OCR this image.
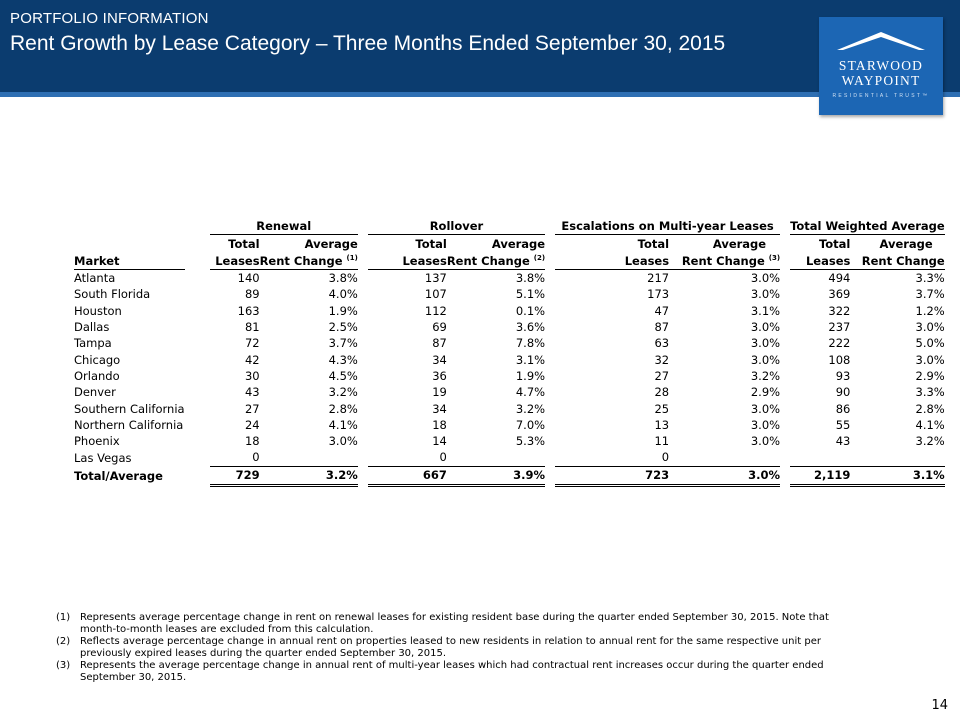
PORTFOLIO INFORMATION
Rent Growth by Lease Category – Three Months Ended September 30, 2015
STARWOOD
WAYPOINT
RESIDENTIAL TRUST™
		Renewal			Rollover			Escalations on Multi-year Leases			Total Weighted Average	
		Total	Average		Total	Average		Total	Average		Total	Average
Market		Leases	Rent Change $^{(1)}$		Leases	Rent Change $^{(2)}$		Leases	Rent Change $^{(3)}$		Leases	Rent Change
Atlanta		140	3.8%		137	3.8%		217	3.0%		494	3.3%
South Florida		89	4.0%		107	5.1%		173	3.0%		369	3.7%
Houston		163	1.9%		112	0.1%		47	3.1%		322	1.2%
Dallas		81	2.5%		69	3.6%		87	3.0%		237	3.0%
Tampa		72	3.7%		87	7.8%		63	3.0%		222	5.0%
Chicago		42	4.3%		34	3.1%		32	3.0%		108	3.0%
Orlando		30	4.5%		36	1.9%		27	3.2%		93	2.9%
Denver		43	3.2%		19	4.7%		28	2.9%		90	3.3%
Southern California		27	2.8%		34	3.2%		25	3.0%		86	2.8%
Northern California		24	4.1%		18	7.0%		13	3.0%		55	4.1%
Phoenix		18	3.0%		14	5.3%		11	3.0%		43	3.2%
Las Vegas		0			0			0				
Total/Average		729	3.2%		667	3.9%		723	3.0%		2,119	3.1%

(1) Represents average percentage change in rent on renewal leases for existing resident base during the quarter ended September 30, 2015. Note that month-to-month leases are excluded from this calculation.

(2) Reflects average percentage change in annual rent on properties leased to new residents in relation to annual rent for the same respective unit per previously expired leases during the quarter ended September 30, 2015.

(3) Represents the average percentage change in annual rent of multi-year leases which had contractual rent increases occur during the quarter ended September 30, 2015.

14
